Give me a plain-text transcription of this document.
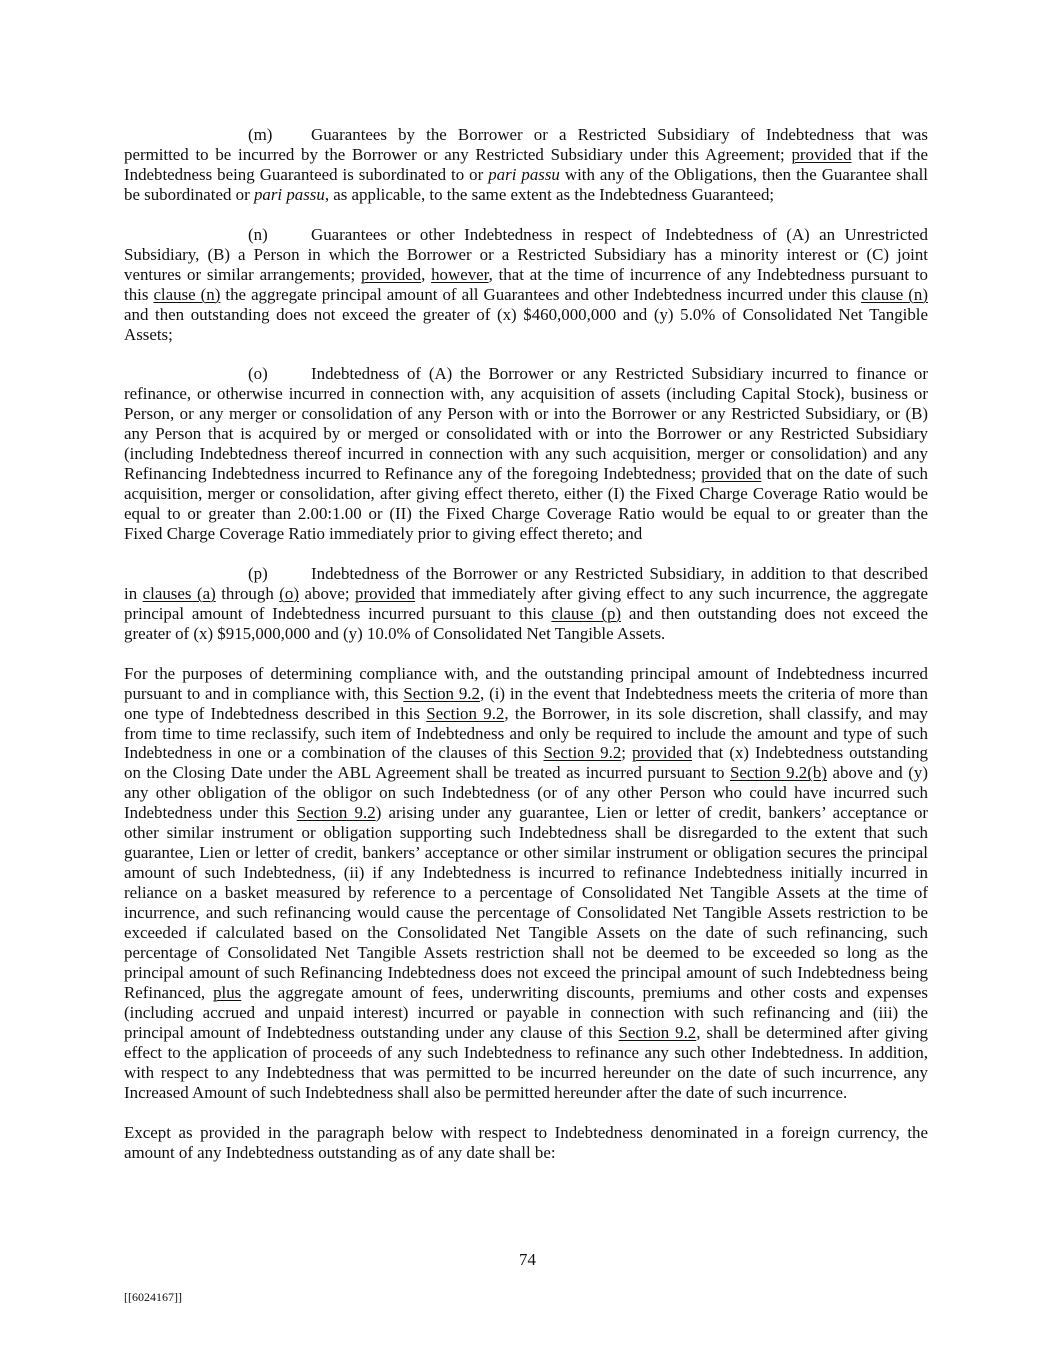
(m) Guarantees by the Borrower or a Restricted Subsidiary of Indebtedness that was
permitted to be incurred by the Borrower or any Restricted Subsidiary under this Agreement; provided that if the
Indebtedness being Guaranteed is subordinated to or pari passu with any of the Obligations, then the Guarantee shall
be subordinated or pari passu, as applicable, to the same extent as the Indebtedness Guaranteed;
(n)	Guarantees or other Indebtedness in respect of Indebtedness of (A) an Unrestricted
Subsidiary, (B) a Person in which the Borrower or a Restricted Subsidiary has a minority interest or (C) joint
ventures or similar arrangements; provided, however, that at the time of incurrence of any Indebtedness pursuant to
this clause (n) the aggregate principal amount of all Guarantees and other Indebtedness incurred under this clause (n)
and then outstanding does not exceed the greater of (x) $460,000,000 and (y) 5.0% of Consolidated Net Tangible
Assets;
(o)	Indebtedness of (A) the Borrower or any Restricted Subsidiary incurred to finance or
refinance, or otherwise incurred in connection with, any acquisition of assets (including Capital Stock), business or
Person, or any merger or consolidation of any Person with or into the Borrower or any Restricted Subsidiary, or (B)
any Person that is acquired by or merged or consolidated with or into the Borrower or any Restricted Subsidiary
(including Indebtedness thereof incurred in connection with any such acquisition, merger or consolidation) and any
Refinancing Indebtedness incurred to Refinance any of the foregoing Indebtedness; provided that on the date of such
acquisition, merger or consolidation, after giving effect thereto, either (I) the Fixed Charge Coverage Ratio would be
equal to or greater than 2.00:1.00 or (II) the Fixed Charge Coverage Ratio would be equal to or greater than the
Fixed Charge Coverage Ratio immediately prior to giving effect thereto; and
(p)	Indebtedness of the Borrower or any Restricted Subsidiary, in addition to that described
in clauses (a) through (o) above; provided that immediately after giving effect to any such incurrence, the aggregate
principal amount of Indebtedness incurred pursuant to this clause (p) and then outstanding does not exceed the
greater of (x) $915,000,000 and (y) 10.0% of Consolidated Net Tangible Assets.
For the purposes of determining compliance with, and the outstanding principal amount of Indebtedness incurred
pursuant to and in compliance with, this Section 9.2, (i) in the event that Indebtedness meets the criteria of more than
one type of Indebtedness described in this Section 9.2, the Borrower, in its sole discretion, shall classify, and may
from time to time reclassify, such item of Indebtedness and only be required to include the amount and type of such
Indebtedness in one or a combination of the clauses of this Section 9.2; provided that (x) Indebtedness outstanding
on the Closing Date under the ABL Agreement shall be treated as incurred pursuant to Section 9.2(b) above and (y)
any other obligation of the obligor on such Indebtedness (or of any other Person who could have incurred such
Indebtedness under this Section 9.2) arising under any guarantee, Lien or letter of credit, bankers’ acceptance or
other similar instrument or obligation supporting such Indebtedness shall be disregarded to the extent that such
guarantee, Lien or letter of credit, bankers’ acceptance or other similar instrument or obligation secures the principal
amount of such Indebtedness, (ii) if any Indebtedness is incurred to refinance Indebtedness initially incurred in
reliance on a basket measured by reference to a percentage of Consolidated Net Tangible Assets at the time of
incurrence, and such refinancing would cause the percentage of Consolidated Net Tangible Assets restriction to be
exceeded if calculated based on the Consolidated Net Tangible Assets on the date of such refinancing, such
percentage of Consolidated Net Tangible Assets restriction shall not be deemed to be exceeded so long as the
principal amount of such Refinancing Indebtedness does not exceed the principal amount of such Indebtedness being
Refinanced, plus the aggregate amount of fees, underwriting discounts, premiums and other costs and expenses
(including accrued and unpaid interest) incurred or payable in connection with such refinancing and (iii) the
principal amount of Indebtedness outstanding under any clause of this Section 9.2, shall be determined after giving
effect to the application of proceeds of any such Indebtedness to refinance any such other Indebtedness. In addition,
with respect to any Indebtedness that was permitted to be incurred hereunder on the date of such incurrence, any
Increased Amount of such Indebtedness shall also be permitted hereunder after the date of such incurrence.
Except as provided in the paragraph below with respect to Indebtedness denominated in a foreign currency, the
amount of any Indebtedness outstanding as of any date shall be:
74
[[6024167]]
